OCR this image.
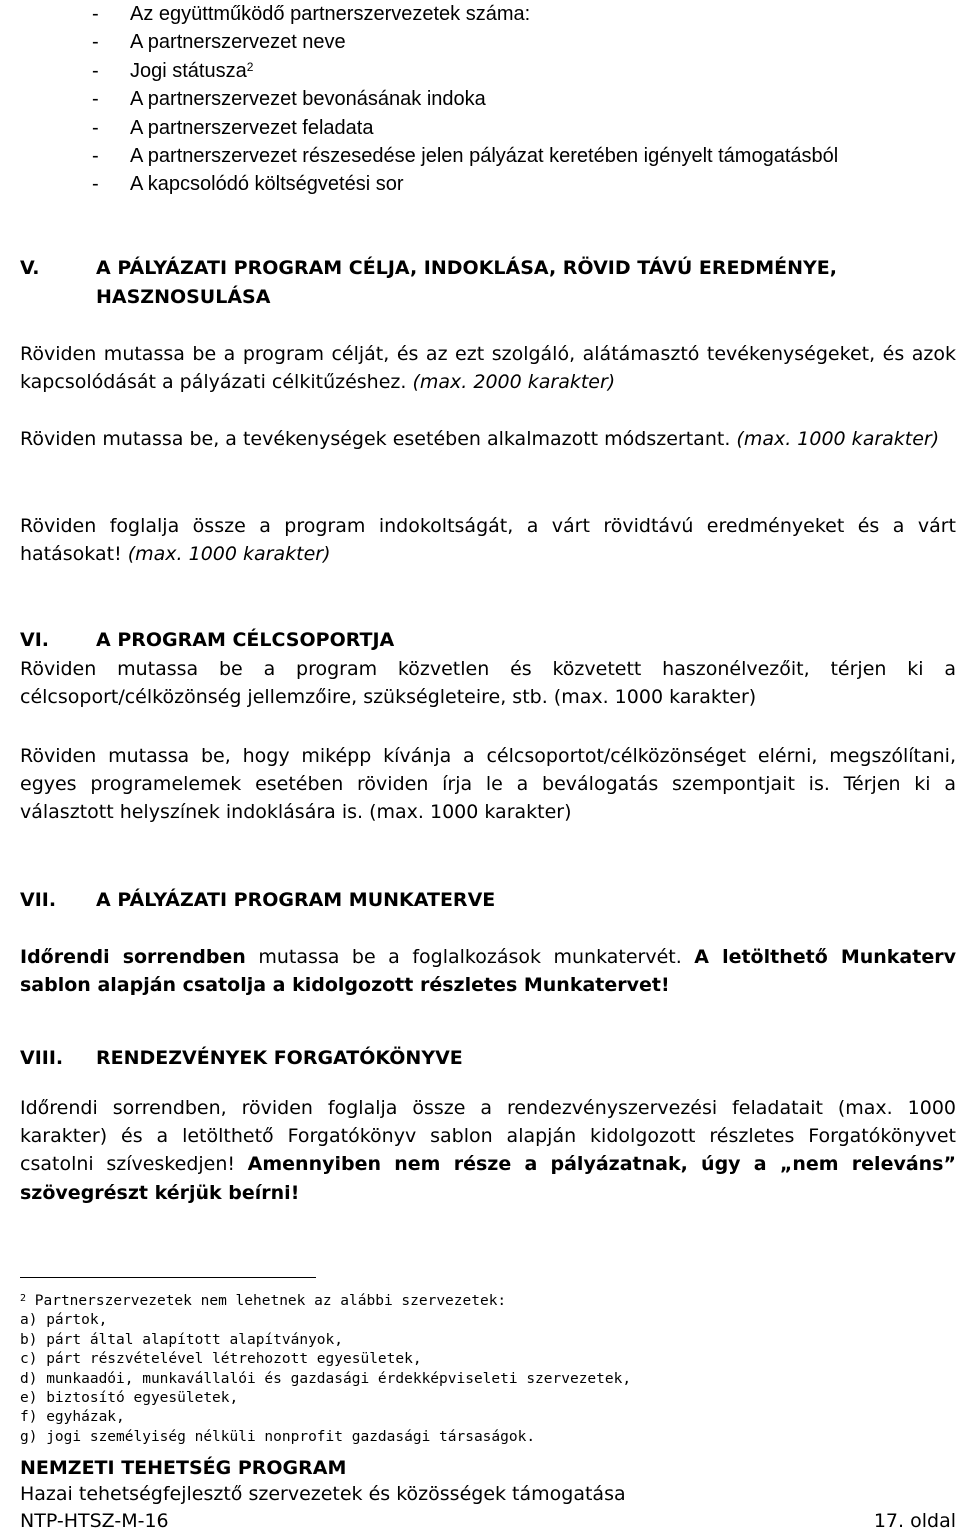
- Az együttműködő partnerszervezetek száma:
- A partnerszervezet neve
- Jogi státusza$^2$
- A partnerszervezet bevonásának indoka
- A partnerszervezet feladata
- A partnerszervezet részesedése jelen pályázat keretében igényelt támogatásból
- A kapcsolódó költségvetési sor
V.	A PÁLYÁZATI PROGRAM CÉLJA, INDOKLÁSA, RÖVID TÁVÚ EREDMÉNYE,
HASZNOSULÁSA
Röviden mutassa be a program célját, és az ezt szolgáló, alátámasztó tevékenységeket, és azok kapcsolódását a pályázati célkitűzéshez. (max. 2000 karakter)
Röviden mutassa be, a tevékenységek esetében alkalmazott módszertant. (max. 1000 karakter)
Röviden foglalja össze a program indokoltságát, a várt rövidtávú eredményeket és a várt hatásokat! (max. 1000 karakter)
VI. A PROGRAM CÉLCSOPORTJA
Röviden mutassa be a program közvetlen és közvetett haszonélvezőit, térjen ki a célcsoport/célközönség jellemzőire, szükségleteire, stb. (max. 1000 karakter)
Röviden mutassa be, hogy miképp kívánja a célcsoportot/célközönséget elérni, megszólítani, egyes programelemek esetében röviden írja le a beválogatás szempontjait is. Térjen ki a választott helyszínek indoklására is. (max. 1000 karakter)
VII. A PÁLYÁZATI PROGRAM MUNKATERVE
Időrendi sorrendben mutassa be a foglalkozások munkatervét. A letölthető Munkaterv sablon alapján csatolja a kidolgozott részletes Munkatervet!
VIII. RENDEZVÉNYEK FORGATÓKÖNYVE
Időrendi sorrendben, röviden foglalja össze a rendezvényszervezési feladatait (max. 1000 karakter) és a letölthető Forgatókönyv sablon alapján kidolgozott részletes Forgatókönyvet csatolni szíveskedjen! Amennyiben nem része a pályázatnak, úgy a „nem releváns” szövegrészt kérjük beírni!
$^2$ Partnerszervezetek nem lehetnek az alábbi szervezetek:
a) pártok,
b) párt által alapított alapítványok,
c) párt részvételével létrehozott egyesületek,
d) munkaadói, munkavállalói és gazdasági érdekképviseleti szervezetek,
e) biztosító egyesületek,
f) egyházak,
g) jogi személyiség nélküli nonprofit gazdasági társaságok.
NEMZETI TEHETSÉG PROGRAM
Hazai tehetségfejlesztő szervezetek és közösségek támogatása
NTP-HTSZ-M-16	17. oldal
